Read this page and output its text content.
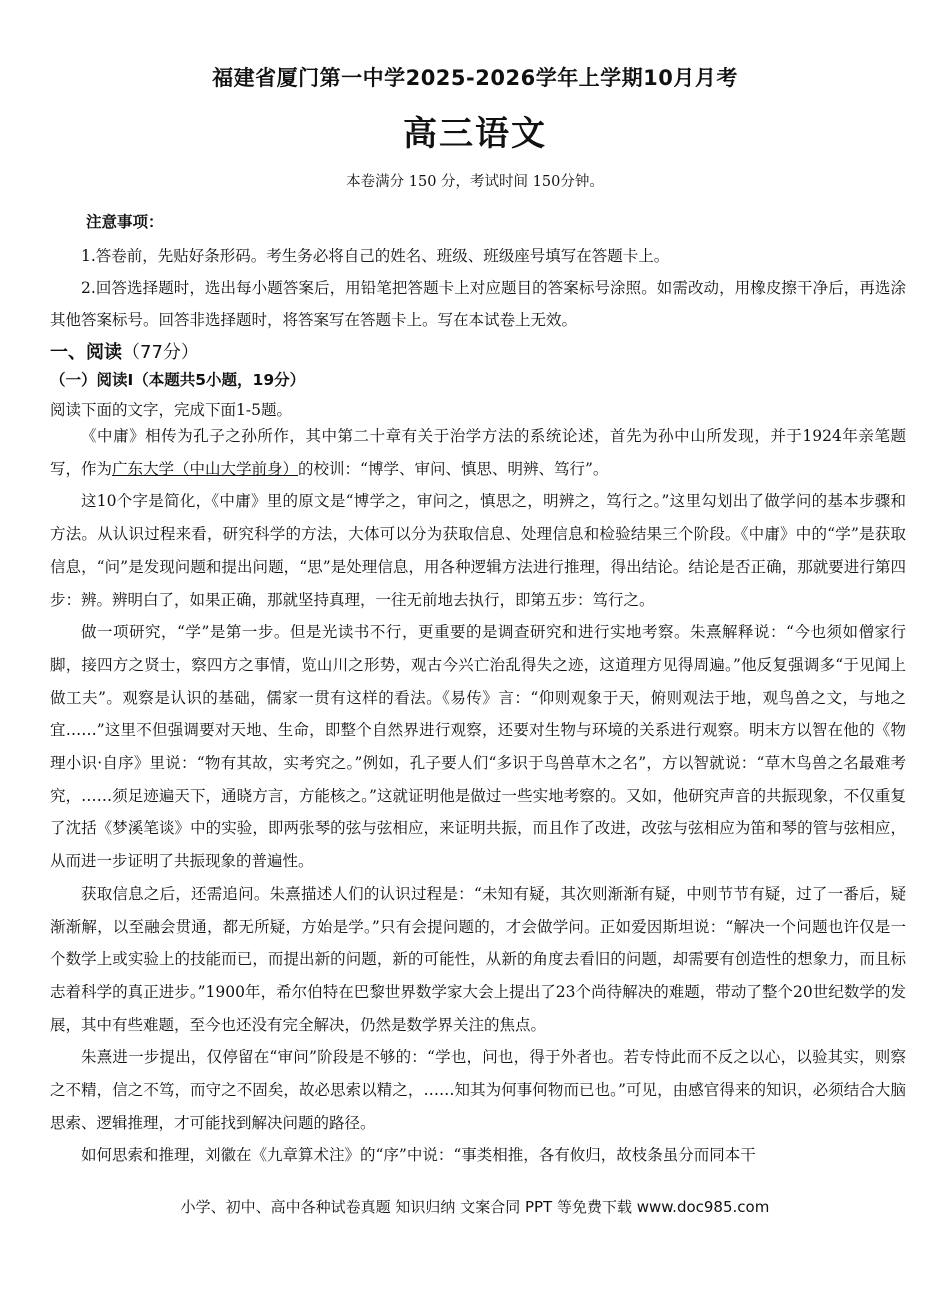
福建省厦门第一中学2025-2026学年上学期10月月考
高三语文
本卷满分 150 分，考试时间 150分钟。
注意事项：

1.答卷前，先贴好条形码。考生务必将自己的姓名、班级、班级座号填写在答题卡上。

2.回答选择题时，选出每小题答案后，用铅笔把答题卡上对应题目的答案标号涂照。如需改动，用橡皮擦干净后，再选涂其他答案标号。回答非选择题时，将答案写在答题卡上。写在本试卷上无效。

一、阅读（77分）
（一）阅读Ⅰ（本题共5小题，19分）
阅读下面的文字，完成下面1-5题。

《中庸》相传为孔子之孙所作，其中第二十章有关于治学方法的系统论述，首先为孙中山所发现，并于1924年亲笔题写，作为广东大学（中山大学前身）的校训：“博学、审问、慎思、明辨、笃行”。

这10个字是简化，《中庸》里的原文是“博学之，审问之，慎思之，明辨之，笃行之。”这里勾划出了做学问的基本步骤和方法。从认识过程来看，研究科学的方法，大体可以分为获取信息、处理信息和检验结果三个阶段。《中庸》中的“学”是获取信息，“问”是发现问题和提出问题，“思”是处理信息，用各种逻辑方法进行推理，得出结论。结论是否正确，那就要进行第四步：辨。辨明白了，如果正确，那就坚持真理，一往无前地去执行，即第五步：笃行之。

做一项研究，“学”是第一步。但是光读书不行，更重要的是调查研究和进行实地考察。朱熹解释说：“今也须如僧家行脚，接四方之贤士，察四方之事情，览山川之形势，观古今兴亡治乱得失之迹，这道理方见得周遍。”他反复强调多“于见闻上做工夫”。观察是认识的基础，儒家一贯有这样的看法。《易传》言：“仰则观象于天，俯则观法于地，观鸟兽之文，与地之宜……”这里不但强调要对天地、生命，即整个自然界进行观察，还要对生物与环境的关系进行观察。明末方以智在他的《物理小识·自序》里说：“物有其故，实考究之。”例如，孔子要人们“多识于鸟兽草木之名”，方以智就说：“草木鸟兽之名最难考究，……须足迹遍天下，通晓方言，方能核之。”这就证明他是做过一些实地考察的。又如，他研究声音的共振现象，不仅重复了沈括《梦溪笔谈》中的实验，即两张琴的弦与弦相应，来证明共振，而且作了改进，改弦与弦相应为笛和琴的管与弦相应，从而进一步证明了共振现象的普遍性。

获取信息之后，还需追问。朱熹描述人们的认识过程是：“未知有疑，其次则渐渐有疑，中则节节有疑，过了一番后，疑渐渐解，以至融会贯通，都无所疑，方始是学。”只有会提问题的，才会做学问。正如爱因斯坦说：“解决一个问题也许仅是一个数学上或实验上的技能而已，而提出新的问题，新的可能性，从新的角度去看旧的问题，却需要有创造性的想象力，而且标志着科学的真正进步。”1900年，希尔伯特在巴黎世界数学家大会上提出了23个尚待解决的难题，带动了整个20世纪数学的发展，其中有些难题，至今也还没有完全解决，仍然是数学界关注的焦点。

朱熹进一步提出，仅停留在“审问”阶段是不够的：“学也，问也，得于外者也。若专恃此而不反之以心，以验其实，则察之不精，信之不笃，而守之不固矣，故必思索以精之，……知其为何事何物而已也。”可见，由感官得来的知识，必须结合大脑思索、逻辑推理，才可能找到解决问题的路径。

如何思索和推理，刘徽在《九章算术注》的“序”中说：“事类相推，各有攸归，故枝条虽分而同本干

小学、初中、高中各种试卷真题 知识归纳 文案合同 PPT 等免费下载 www.doc985.com
